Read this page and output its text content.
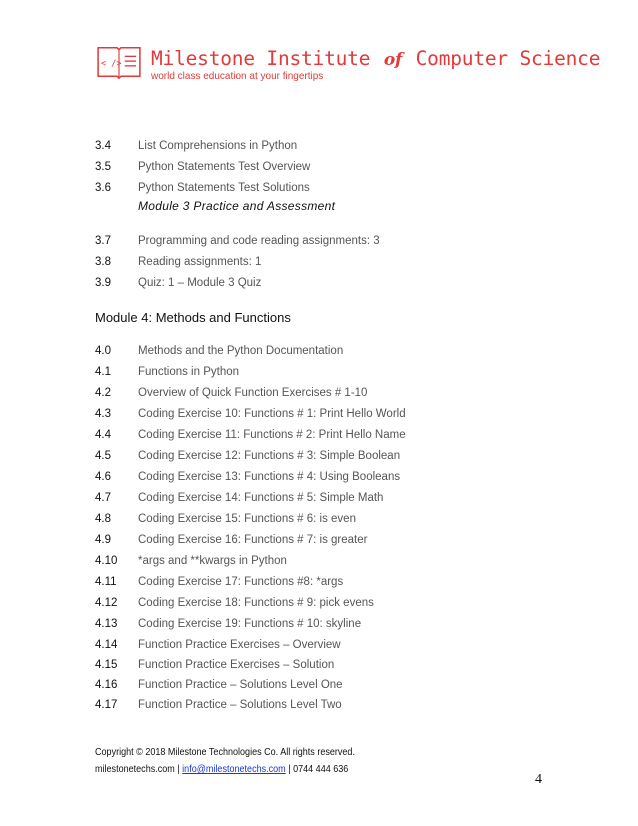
< /> Milestone Institute of Computer Science
world class education at your fingertips
3.4 List Comprehensions in Python
3.5 Python Statements Test Overview
3.6 Python Statements Test Solutions
Module 3 Practice and Assessment
3.7 Programming and code reading assignments: 3
3.8 Reading assignments: 1
3.9 Quiz: 1 – Module 3 Quiz
Module 4: Methods and Functions
4.0 Methods and the Python Documentation
4.1 Functions in Python
4.2 Overview of Quick Function Exercises # 1-10
4.3 Coding Exercise 10: Functions # 1: Print Hello World
4.4 Coding Exercise 11: Functions # 2: Print Hello Name
4.5 Coding Exercise 12: Functions # 3: Simple Boolean
4.6 Coding Exercise 13: Functions # 4: Using Booleans
4.7 Coding Exercise 14: Functions # 5: Simple Math
4.8 Coding Exercise 15: Functions # 6: is even
4.9 Coding Exercise 16: Functions # 7: is greater
4.10 *args and **kwargs in Python
4.11 Coding Exercise 17: Functions #8: *args
4.12 Coding Exercise 18: Functions # 9: pick evens
4.13 Coding Exercise 19: Functions # 10: skyline
4.14 Function Practice Exercises – Overview
4.15 Function Practice Exercises – Solution
4.16 Function Practice – Solutions Level One
4.17 Function Practice – Solutions Level Two
Copyright © 2018 Milestone Technologies Co. All rights reserved.
milestonetechs.com | info@milestonetechs.com | 0744 444 636
4
